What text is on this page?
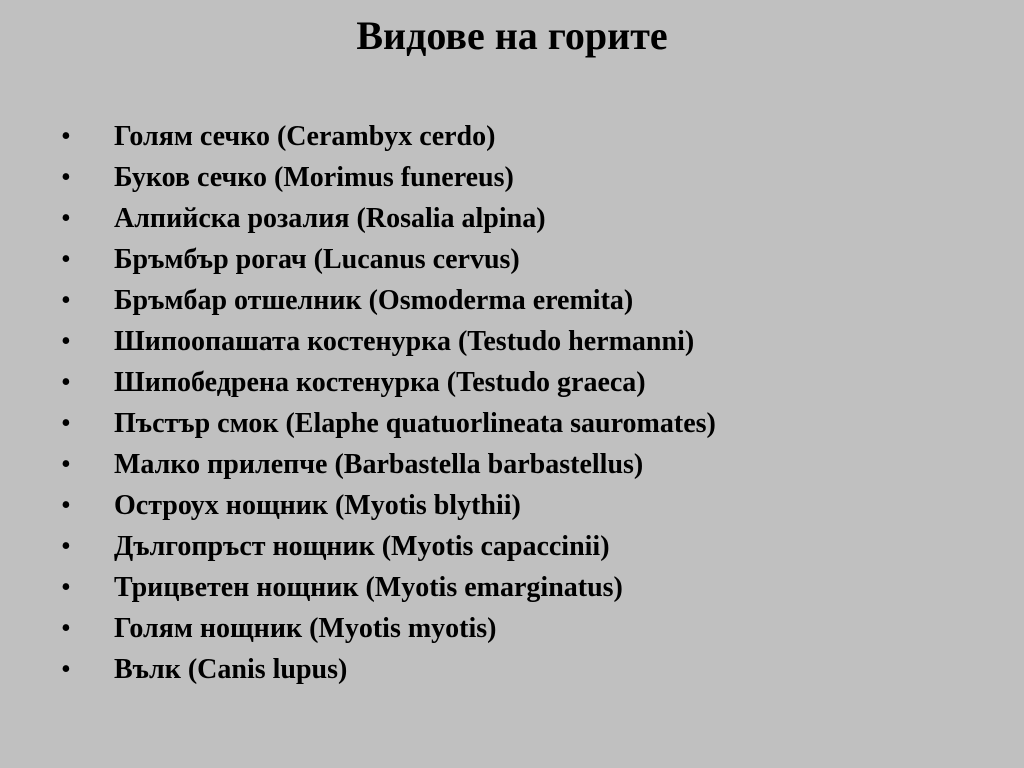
Видове на горите
• Голям сечко (Cerambyx cerdo)
• Буков сечко (Morimus funereus)
• Алпийска розалия (Rosalia alpina)
• Бръмбър рогач (Lucanus cervus)
• Бръмбар отшелник (Osmoderma eremita)
• Шипоопашата костенурка (Testudo hermanni)
• Шипобедрена костенурка (Testudo graeca)
• Пъстър смок (Elaphe quatuorlineata sauromates)
• Малко прилепче (Barbastella barbastellus)
• Остроух нощник (Myotis blythii)
• Дългопръст нощник (Myotis capaccinii)
• Трицветен нощник (Myotis emarginatus)
• Голям нощник (Myotis myotis)
• Вълк (Canis lupus)
